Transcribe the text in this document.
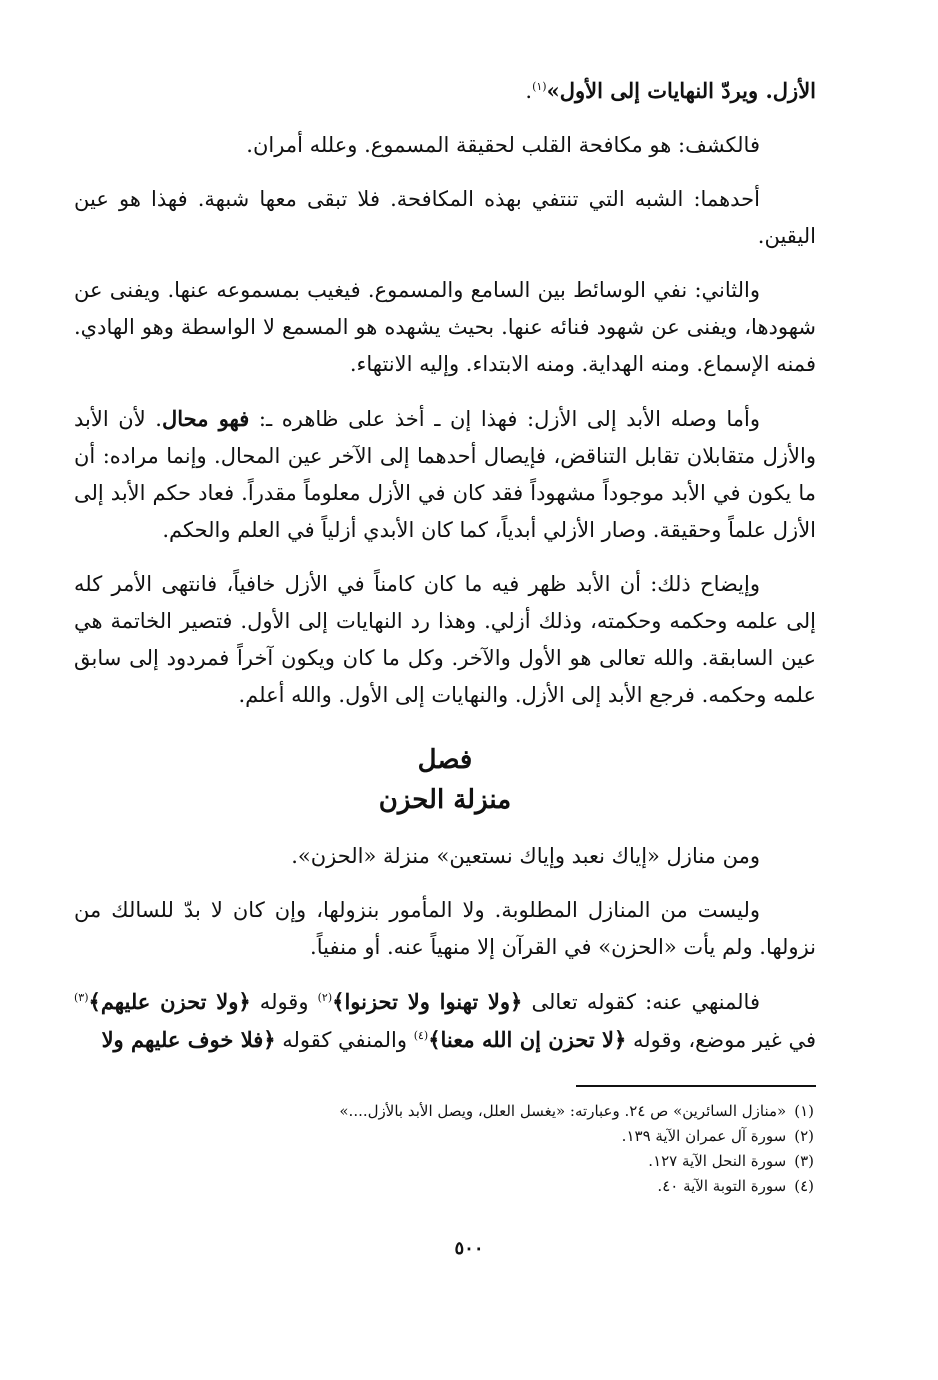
الأزل. ويردّ النهايات إلى الأول»$^{(١)}$.

فالكشف: هو مكافحة القلب لحقيقة المسموع. وعلله أمران.

أحدهما: الشبه التي تنتفي بهذه المكافحة. فلا تبقى معها شبهة. فهذا هو عين اليقين.

والثاني: نفي الوسائط بين السامع والمسموع. فيغيب بمسموعه عنها. ويفنى عن شهودها، ويفنى عن شهود فنائه عنها. بحيث يشهده هو المسمع لا الواسطة وهو الهادي. فمنه الإسماع. ومنه الهداية. ومنه الابتداء. وإليه الانتهاء.

وأما وصله الأبد إلى الأزل: فهذا إن ـ أخذ على ظاهره ـ: فهو محال. لأن الأبد والأزل متقابلان تقابل التناقض، فإيصال أحدهما إلى الآخر عين المحال. وإنما مراده: أن ما يكون في الأبد موجوداً مشهوداً فقد كان في الأزل معلوماً مقدراً. فعاد حكم الأبد إلى الأزل علماً وحقيقة. وصار الأزلي أبدياً، كما كان الأبدي أزلياً في العلم والحكم.

وإيضاح ذلك: أن الأبد ظهر فيه ما كان كامناً في الأزل خافياً، فانتهى الأمر كله إلى علمه وحكمه وحكمته، وذلك أزلي. وهذا رد النهايات إلى الأول. فتصير الخاتمة هي عين السابقة. والله تعالى هو الأول والآخر. وكل ما كان ويكون آخراً فمردود إلى سابق علمه وحكمه. فرجع الأبد إلى الأزل. والنهايات إلى الأول. والله أعلم.

فصل

منزلة الحزن

ومن منازل «إياك نعبد وإياك نستعين» منزلة «الحزن».

وليست من المنازل المطلوبة. ولا المأمور بنزولها، وإن كان لا بدّ للسالك من نزولها. ولم يأت «الحزن» في القرآن إلا منهياً عنه. أو منفياً.

فالمنهي عنه: كقوله تعالى ﴿ولا تهنوا ولا تحزنوا﴾$^{(٢)}$ وقوله ﴿ولا تحزن عليهم﴾$^{(٣)}$ في غير موضع، وقوله ﴿لا تحزن إن الله معنا﴾$^{(٤)}$ والمنفي كقوله ﴿فلا خوف عليهم ولا

(١)
«منازل السائرين» ص ٢٤. وعبارته: «يغسل العلل، ويصل الأبد بالأزل....»
(٢)
سورة آل عمران الآية ١٣٩.
(٣)
سورة النحل الآية ١٢٧.
(٤)
سورة التوبة الآية ٤٠.
٥٠٠
